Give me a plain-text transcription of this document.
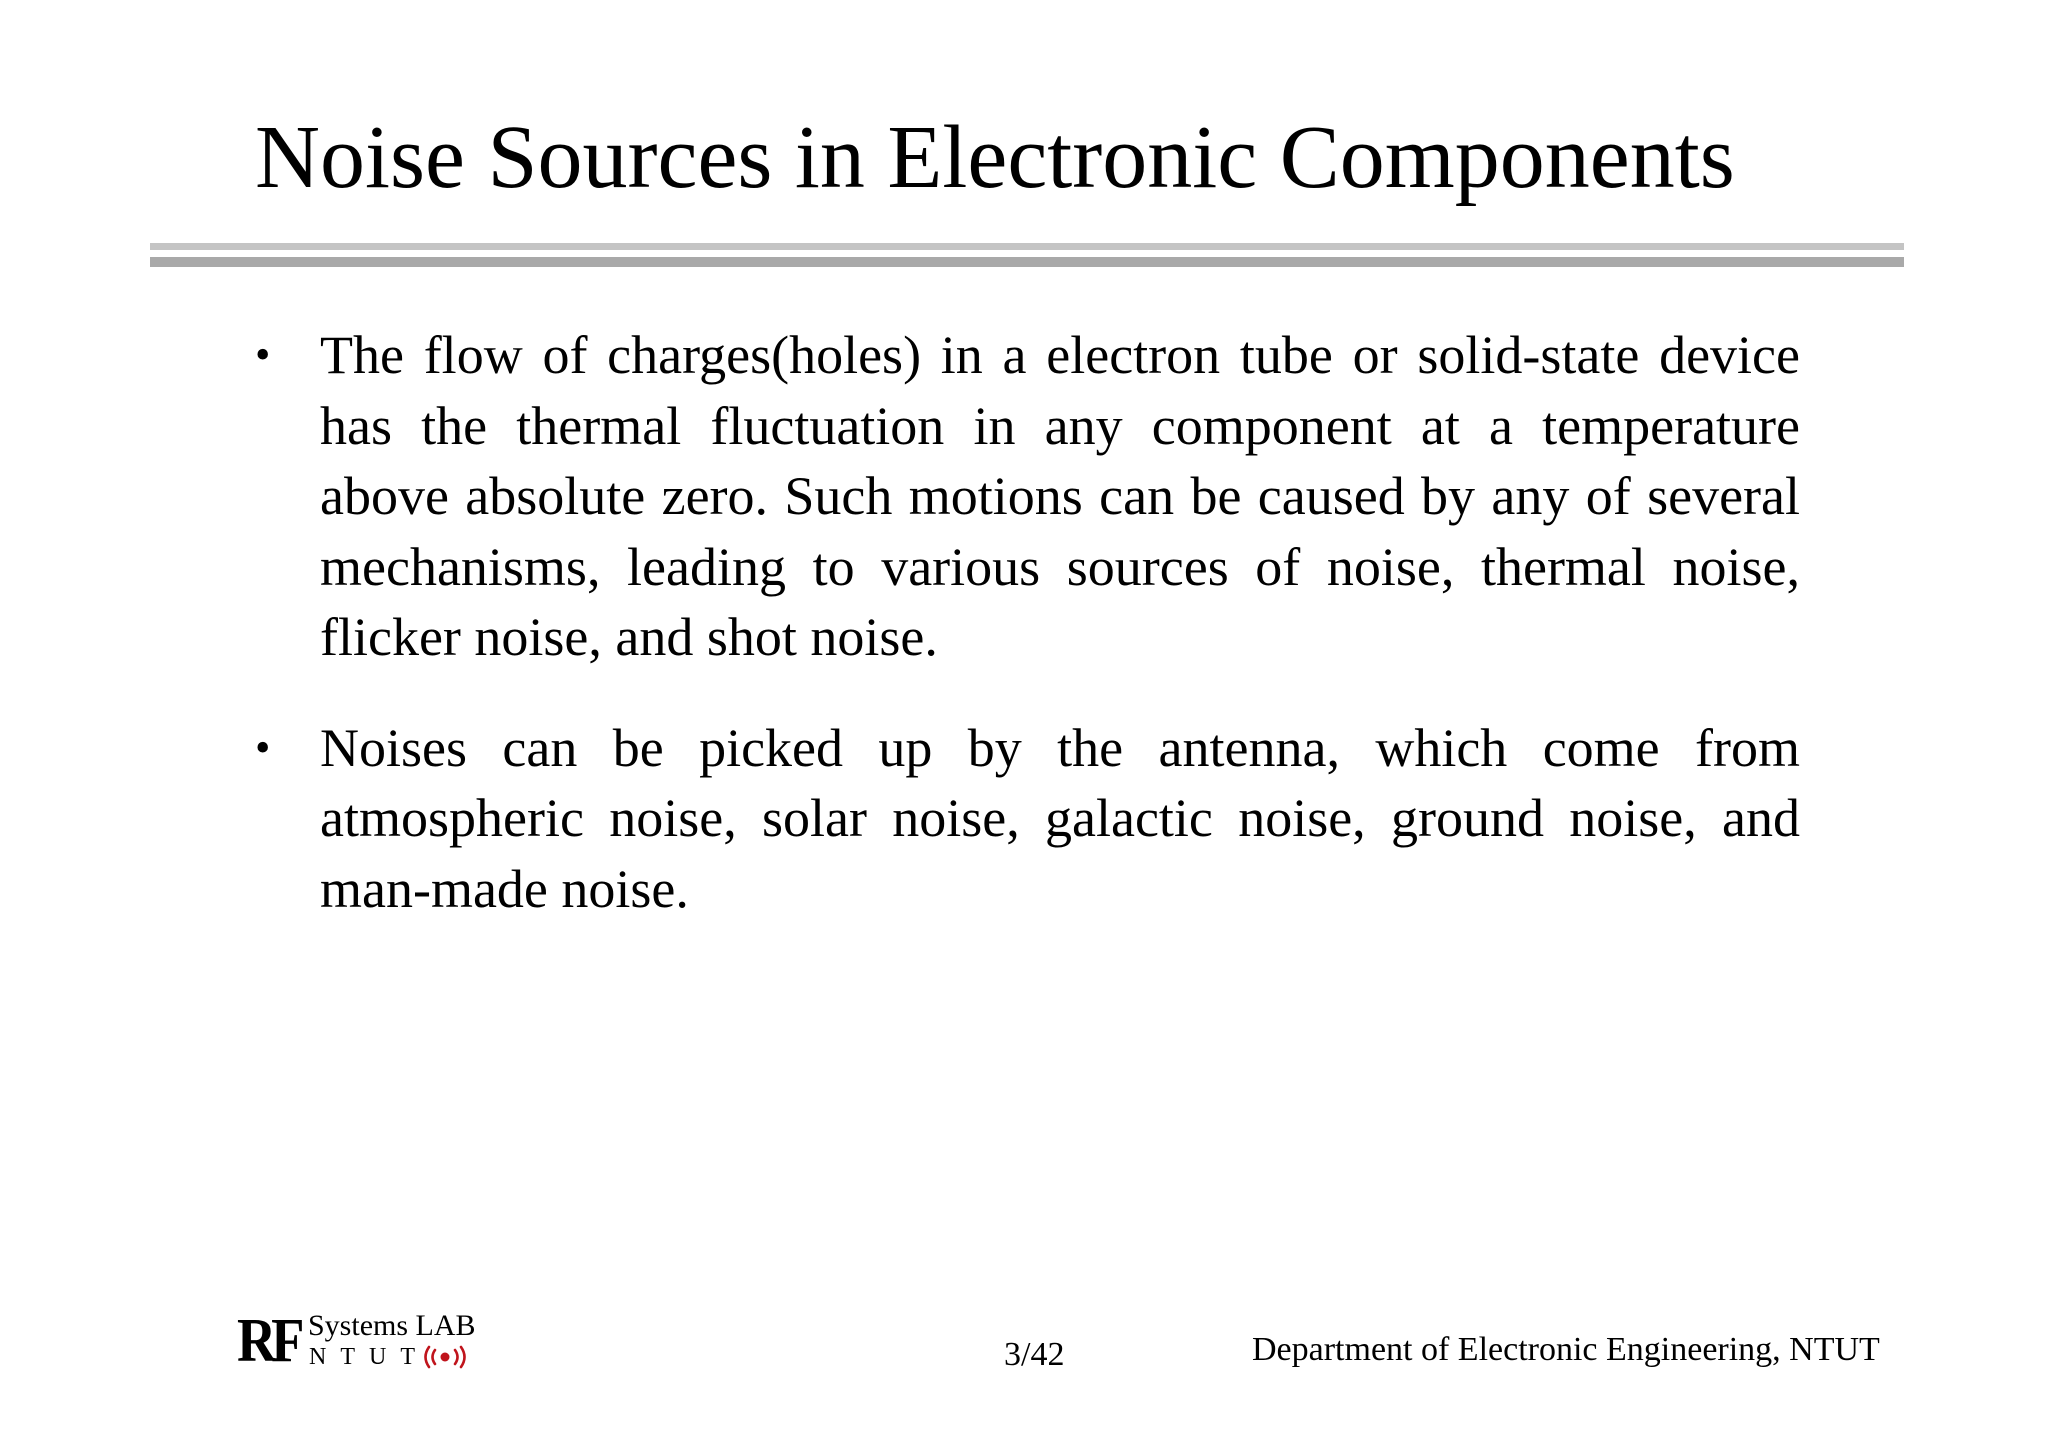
Noise Sources in Electronic Components
• The flow of charges(holes) in a electron tube or solid-state device has the thermal fluctuation in any component at a temperature above absolute zero. Such motions can be caused by any of several mechanisms, leading to various sources of noise, thermal noise, flicker noise, and shot noise.
• Noises can be picked up by the antenna, which come from atmospheric noise, solar noise, galactic noise, ground noise, and man-made noise.
RF Systems LAB
NTUT	3/42	Department of Electronic Engineering, NTUT
